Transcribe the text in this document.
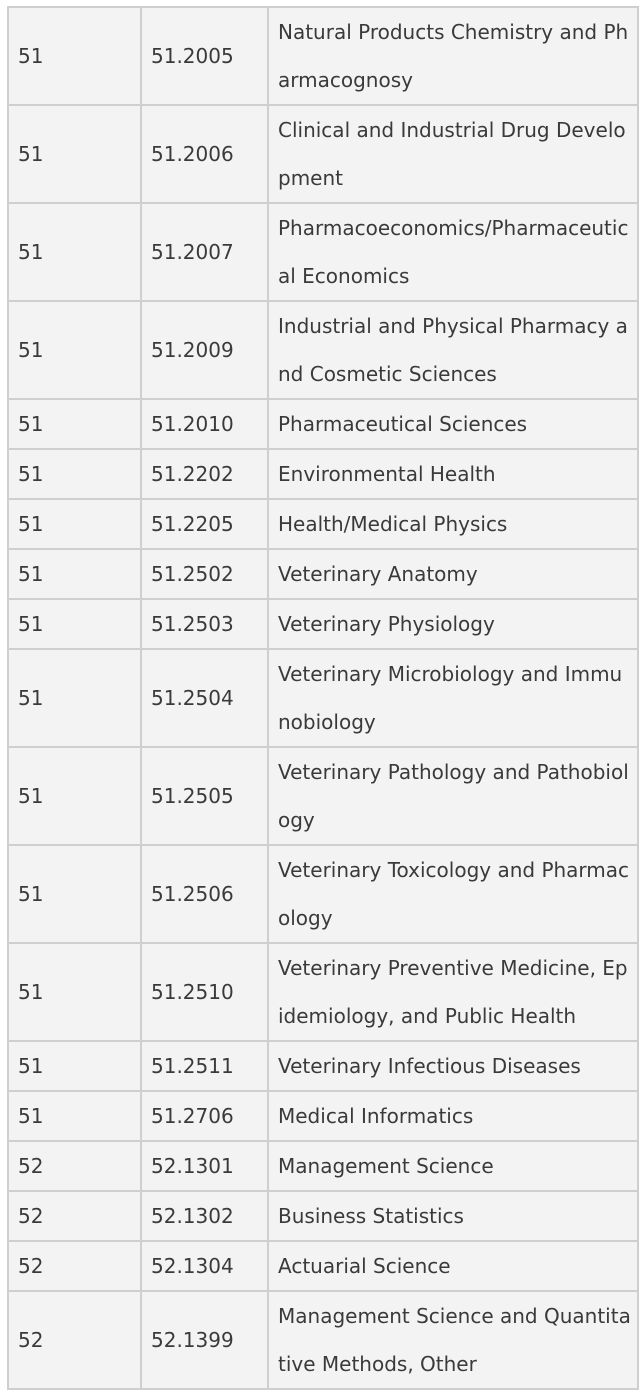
51	51.2005	Natural Products Chemistry and Pharmacognosy
51	51.2006	Clinical and Industrial Drug Development
51	51.2007	Pharmacoeconomics/Pharmaceutical Economics
51	51.2009	Industrial and Physical Pharmacy and Cosmetic Sciences
51	51.2010	Pharmaceutical Sciences
51	51.2202	Environmental Health
51	51.2205	Health/Medical Physics
51	51.2502	Veterinary Anatomy
51	51.2503	Veterinary Physiology
51	51.2504	Veterinary Microbiology and Immunobiology
51	51.2505	Veterinary Pathology and Pathobiology
51	51.2506	Veterinary Toxicology and Pharmacology
51	51.2510	Veterinary Preventive Medicine, Epidemiology, and Public Health
51	51.2511	Veterinary Infectious Diseases
51	51.2706	Medical Informatics
52	52.1301	Management Science
52	52.1302	Business Statistics
52	52.1304	Actuarial Science
52	52.1399	Management Science and Quantitative Methods, Other
